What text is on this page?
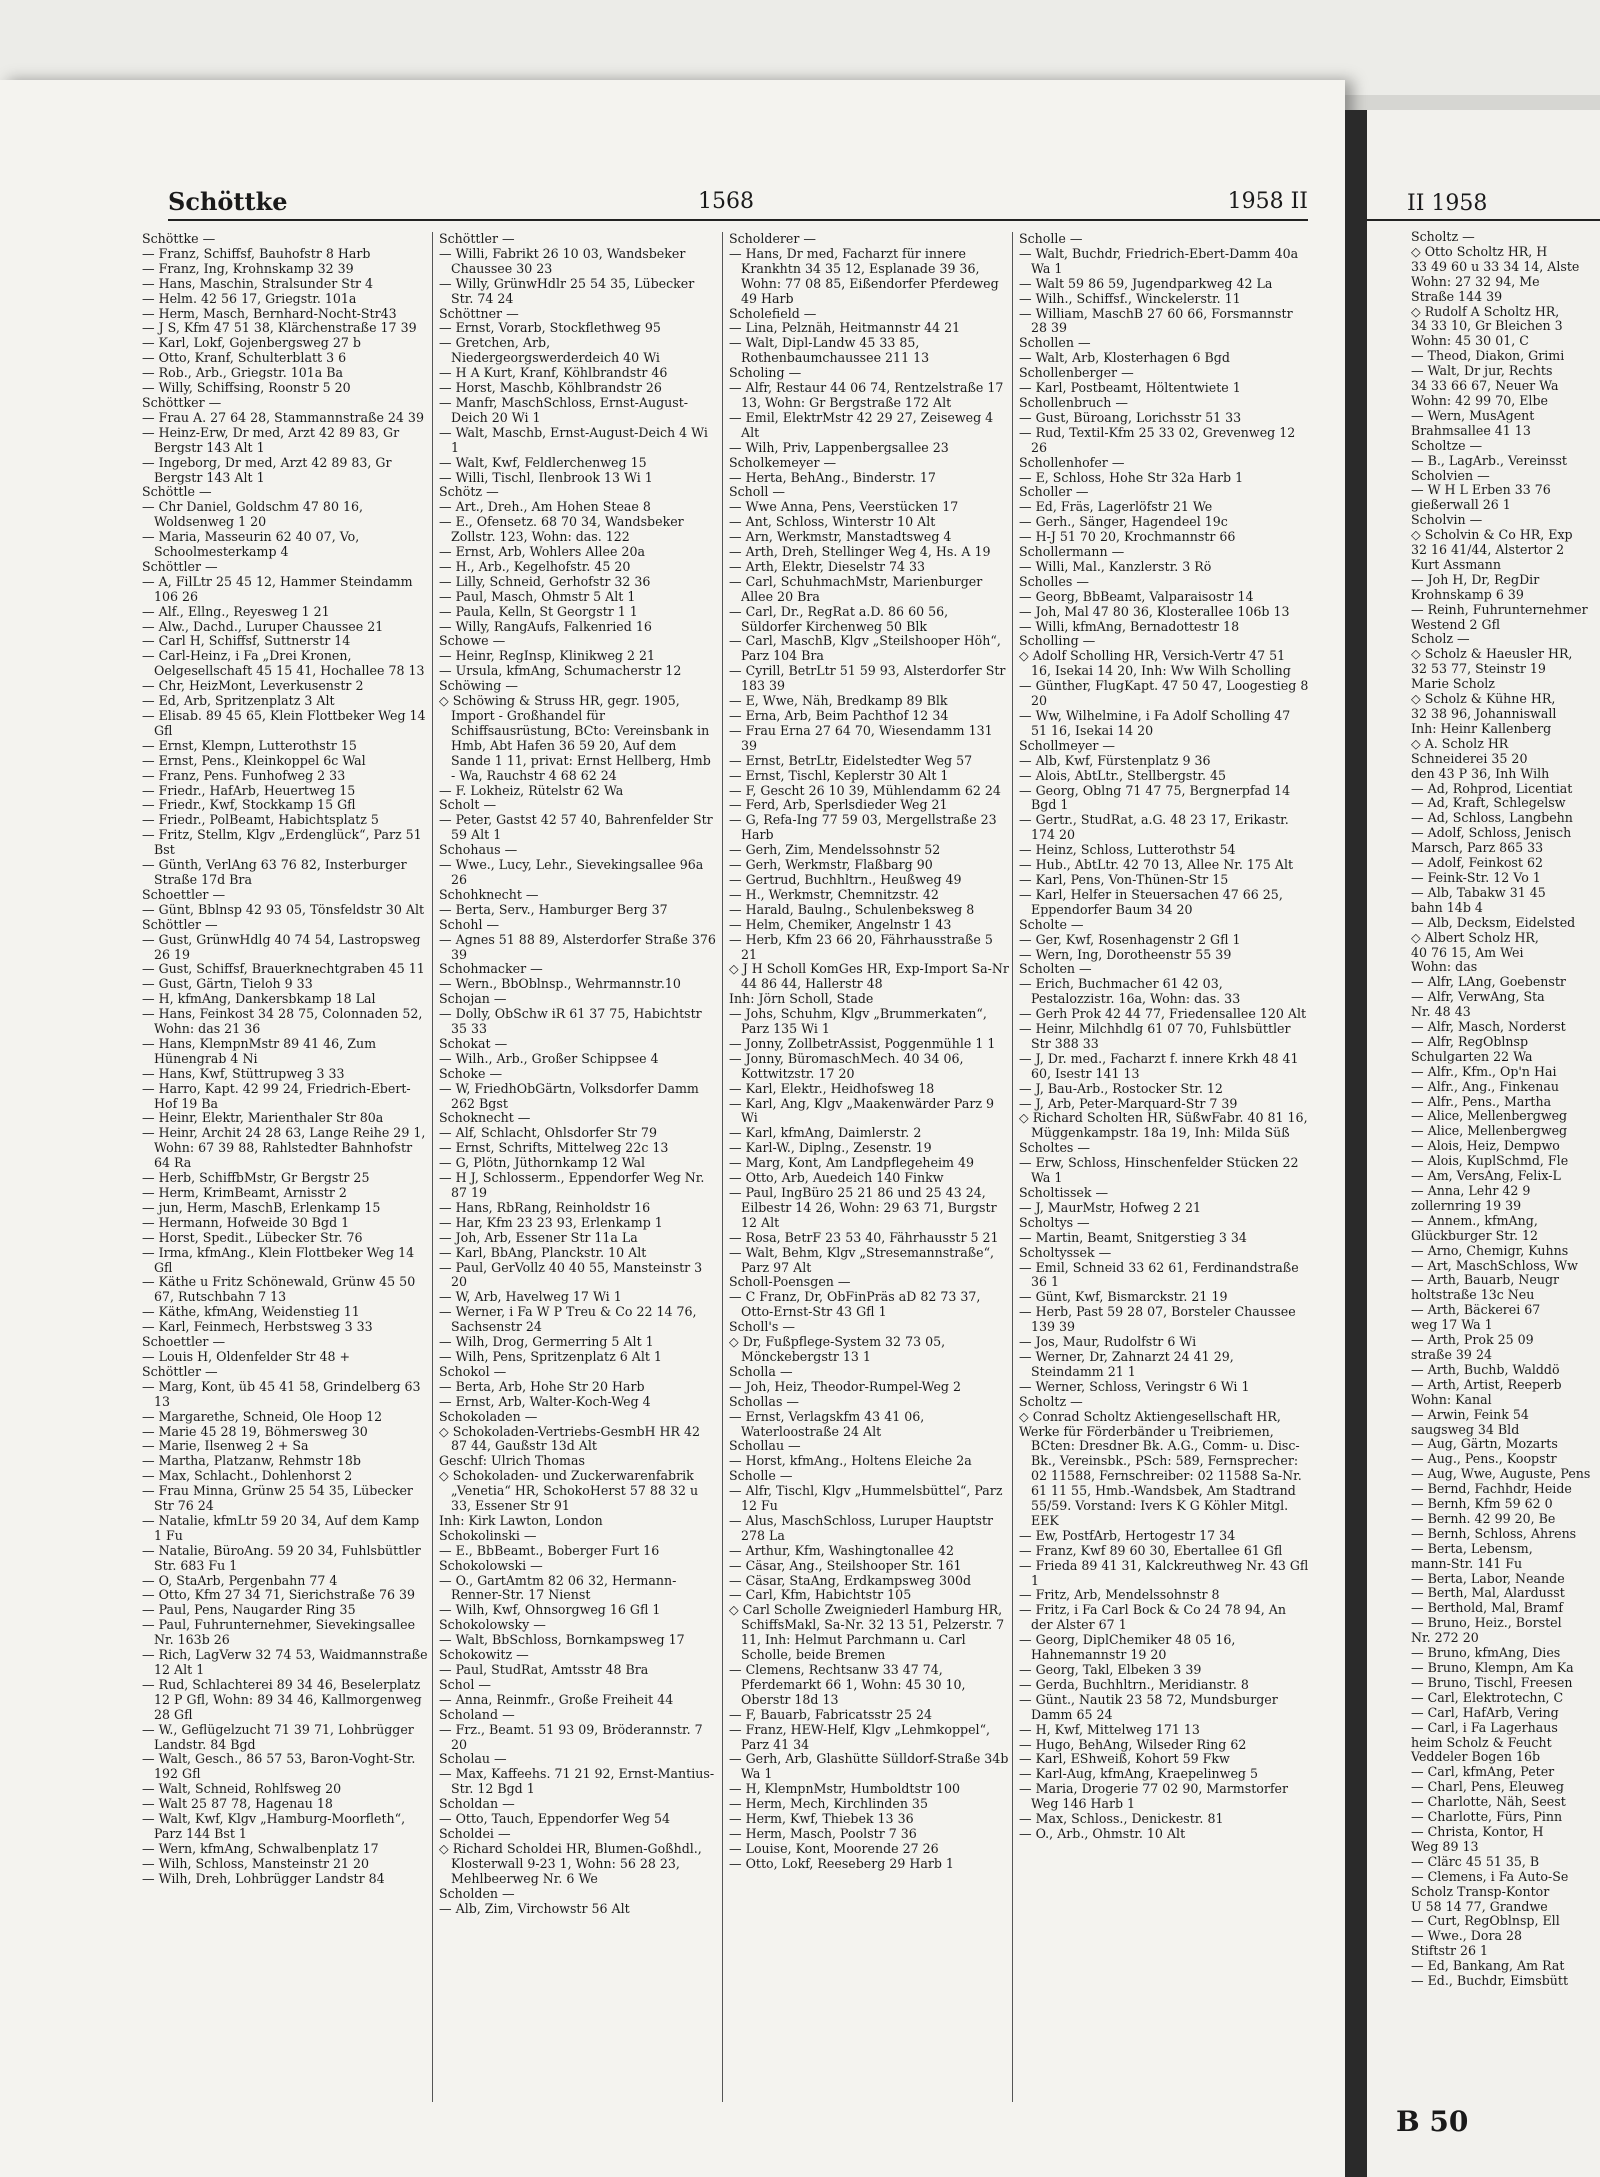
Schöttke	1568	1958 II

Schöttke —

— Franz, Schiffsf, Bauhofstr 8 Harb

— Franz, Ing, Krohnskamp 32 39

— Hans, Maschin, Stralsunder Str 4

— Helm. 42 56 17, Griegstr. 101a

— Herm, Masch, Bernhard-Nocht-Str43

— J S, Kfm 47 51 38, Klärchenstraße 17 39

— Karl, Lokf, Gojenbergsweg 27 b

— Otto, Kranf, Schulterblatt 3 6

— Rob., Arb., Griegstr. 101a Ba

— Willy, Schiffsing, Roonstr 5 20

Schöttker —

— Frau A. 27 64 28, Stammannstraße 24 39

— Heinz-Erw, Dr med, Arzt 42 89 83, Gr Bergstr 143 Alt 1

— Ingeborg, Dr med, Arzt 42 89 83, Gr Bergstr 143 Alt 1

Schöttle —

— Chr Daniel, Goldschm 47 80 16, Woldsenweg 1 20

— Maria, Masseurin 62 40 07, Vo, Schoolmesterkamp 4

Schöttler —

— A, FilLtr 25 45 12, Hammer Steindamm 106 26

— Alf., Ellng., Reyesweg 1 21

— Alw., Dachd., Luruper Chaussee 21

— Carl H, Schiffsf, Suttnerstr 14

— Carl-Heinz, i Fa „Drei Kronen, Oelgesellschaft 45 15 41, Hochallee 78 13

— Chr, HeizMont, Leverkusenstr 2

— Ed, Arb, Spritzenplatz 3 Alt

— Elisab. 89 45 65, Klein Flottbeker Weg 14 Gfl

— Ernst, Klempn, Lutterothstr 15

— Ernst, Pens., Kleinkoppel 6c Wal

— Franz, Pens. Funhofweg 2 33

— Friedr., HafArb, Heuertweg 15

— Friedr., Kwf, Stockkamp 15 Gfl

— Friedr., PolBeamt, Habichtsplatz 5

— Fritz, Stellm, Klgv „Erdenglück“, Parz 51 Bst

— Günth, VerlAng 63 76 82, Insterburger Straße 17d Bra

Schoettler —

— Günt, Bblnsp 42 93 05, Tönsfeldstr 30 Alt

Schöttler —

— Gust, GrünwHdlg 40 74 54, Lastropsweg 26 19

— Gust, Schiffsf, Brauerknechtgraben 45 11

— Gust, Gärtn, Tieloh 9 33

— H, kfmAng, Dankersbkamp 18 Lal

— Hans, Feinkost 34 28 75, Colonnaden 52, Wohn: das 21 36

— Hans, KlempnMstr 89 41 46, Zum Hünengrab 4 Ni

— Hans, Kwf, Stüttrupweg 3 33

— Harro, Kapt. 42 99 24, Friedrich-Ebert-Hof 19 Ba

— Heinr, Elektr, Marienthaler Str 80a

— Heinr, Archit 24 28 63, Lange Reihe 29 1, Wohn: 67 39 88, Rahlstedter Bahnhofstr 64 Ra

— Herb, SchiffbMstr, Gr Bergstr 25

— Herm, KrimBeamt, Arnisstr 2

— jun, Herm, MaschB, Erlenkamp 15

— Hermann, Hofweide 30 Bgd 1

— Horst, Spedit., Lübecker Str. 76

— Irma, kfmAng., Klein Flottbeker Weg 14 Gfl

— Käthe u Fritz Schönewald, Grünw 45 50 67, Rutschbahn 7 13

— Käthe, kfmAng, Weidenstieg 11

— Karl, Feinmech, Herbstsweg 3 33

Schoettler —

— Louis H, Oldenfelder Str 48 +

Schöttler —

— Marg, Kont, üb 45 41 58, Grindelberg 63 13

— Margarethe, Schneid, Ole Hoop 12

— Marie 45 28 19, Böhmersweg 30

— Marie, Ilsenweg 2 + Sa

— Martha, Platzanw, Rehmstr 18b

— Max, Schlacht., Dohlenhorst 2

— Frau Minna, Grünw 25 54 35, Lübecker Str 76 24

— Natalie, kfmLtr 59 20 34, Auf dem Kamp 1 Fu

— Natalie, BüroAng. 59 20 34, Fuhlsbüttler Str. 683 Fu 1

— O, StaArb, Pergenbahn 77 4

— Otto, Kfm 27 34 71, Sierichstraße 76 39

— Paul, Pens, Naugarder Ring 35

— Paul, Fuhrunternehmer, Sievekingsallee Nr. 163b 26

— Rich, LagVerw 32 74 53, Waidmannstraße 12 Alt 1

— Rud, Schlachterei 89 34 46, Beselerplatz 12 P Gfl, Wohn: 89 34 46, Kallmorgenweg 28 Gfl

— W., Geflügelzucht 71 39 71, Lohbrügger Landstr. 84 Bgd

— Walt, Gesch., 86 57 53, Baron-Voght-Str. 192 Gfl

— Walt, Schneid, Rohlfsweg 20

— Walt 25 87 78, Hagenau 18

— Walt, Kwf, Klgv „Hamburg-Moorfleth“, Parz 144 Bst 1

— Wern, kfmAng, Schwalbenplatz 17

— Wilh, Schloss, Mansteinstr 21 20

— Wilh, Dreh, Lohbrügger Landstr 84

Schöttler —

— Willi, Fabrikt 26 10 03, Wandsbeker Chaussee 30 23

— Willy, GrünwHdlr 25 54 35, Lübecker Str. 74 24

Schöttner —

— Ernst, Vorarb, Stockflethweg 95

— Gretchen, Arb, Niedergeorgswerderdeich 40 Wi

— H A Kurt, Kranf, Köhlbrandstr 46

— Horst, Maschb, Köhlbrandstr 26

— Manfr, MaschSchloss, Ernst-August-Deich 20 Wi 1

— Walt, Maschb, Ernst-August-Deich 4 Wi 1

— Walt, Kwf, Feldlerchenweg 15

— Willi, Tischl, Ilenbrook 13 Wi 1

Schötz —

— Art., Dreh., Am Hohen Steae 8

— E., Ofensetz. 68 70 34, Wandsbeker Zollstr. 123, Wohn: das. 122

— Ernst, Arb, Wohlers Allee 20a

— H., Arb., Kegelhofstr. 45 20

— Lilly, Schneid, Gerhofstr 32 36

— Paul, Masch, Ohmstr 5 Alt 1

— Paula, Kelln, St Georgstr 1 1

— Willy, RangAufs, Falkenried 16

Schowe —

— Heinr, RegInsp, Klinikweg 2 21

— Ursula, kfmAng, Schumacherstr 12

Schöwing —

◇ Schöwing & Struss HR, gegr. 1905, Import - Großhandel für Schiffsausrüstung, BCto: Vereinsbank in Hmb, Abt Hafen 36 59 20, Auf dem Sande 1 11, privat: Ernst Hellberg, Hmb - Wa, Rauchstr 4 68 62 24

— F. Lokheiz, Rütelstr 62 Wa

Scholt —

— Peter, Gastst 42 57 40, Bahrenfelder Str 59 Alt 1

Schohaus —

— Wwe., Lucy, Lehr., Sievekingsallee 96a 26

Schohknecht —

— Berta, Serv., Hamburger Berg 37

Schohl —

— Agnes 51 88 89, Alsterdorfer Straße 376 39

Schohmacker —

— Wern., BbOblnsp., Wehrmannstr.10

Schojan —

— Dolly, ObSchw iR 61 37 75, Habichtstr 35 33

Schokat —

— Wilh., Arb., Großer Schippsee 4

Schoke —

— W, FriedhObGärtn, Volksdorfer Damm 262 Bgst

Schoknecht —

— Alf, Schlacht, Ohlsdorfer Str 79

— Ernst, Schrifts, Mittelweg 22c 13

— G, Plötn, Jüthornkamp 12 Wal

— H J, Schlosserm., Eppendorfer Weg Nr. 87 19

— Hans, RbRang, Reinholdstr 16

— Har, Kfm 23 23 93, Erlenkamp 1

— Joh, Arb, Essener Str 11a La

— Karl, BbAng, Planckstr. 10 Alt

— Paul, GerVollz 40 40 55, Mansteinstr 3 20

— W, Arb, Havelweg 17 Wi 1

— Werner, i Fa W P Treu & Co 22 14 76, Sachsenstr 24

— Wilh, Drog, Germerring 5 Alt 1

— Wilh, Pens, Spritzenplatz 6 Alt 1

Schokol —

— Berta, Arb, Hohe Str 20 Harb

— Ernst, Arb, Walter-Koch-Weg 4

Schokoladen —

◇ Schokoladen-Vertriebs-GesmbH HR 42 87 44, Gaußstr 13d Alt

Geschf: Ulrich Thomas

◇ Schokoladen- und Zuckerwarenfabrik „Venetia“ HR, SchokoHerst 57 88 32 u 33, Essener Str 91

Inh: Kirk Lawton, London

Schokolinski —

— E., BbBeamt., Boberger Furt 16

Schokolowski —

— O., GartAmtm 82 06 32, Hermann-Renner-Str. 17 Nienst

— Wilh, Kwf, Ohnsorgweg 16 Gfl 1

Schokolowsky —

— Walt, BbSchloss, Bornkampsweg 17

Schokowitz —

— Paul, StudRat, Amtsstr 48 Bra

Schol —

— Anna, Reinmfr., Große Freiheit 44

Scholand —

— Frz., Beamt. 51 93 09, Bröderannstr. 7 20

Scholau —

— Max, Kaffeehs. 71 21 92, Ernst-Mantius-Str. 12 Bgd 1

Scholdan —

— Otto, Tauch, Eppendorfer Weg 54

Scholdei —

◇ Richard Scholdei HR, Blumen-Goßhdl., Klosterwall 9-23 1, Wohn: 56 28 23, Mehlbeerweg Nr. 6 We

Scholden —

— Alb, Zim, Virchowstr 56 Alt

Scholderer —

— Hans, Dr med, Facharzt für innere Krankhtn 34 35 12, Esplanade 39 36, Wohn: 77 08 85, Eißendorfer Pferdeweg 49 Harb

Scholefield —

— Lina, Pelznäh, Heitmannstr 44 21

— Walt, Dipl-Landw 45 33 85, Rothenbaumchaussee 211 13

Scholing —

— Alfr, Restaur 44 06 74, Rentzelstraße 17 13, Wohn: Gr Bergstraße 172 Alt

— Emil, ElektrMstr 42 29 27, Zeiseweg 4 Alt

— Wilh, Priv, Lappenbergsallee 23

Scholkemeyer —

— Herta, BehAng., Binderstr. 17

Scholl —

— Wwe Anna, Pens, Veerstücken 17

— Ant, Schloss, Winterstr 10 Alt

— Arn, Werkmstr, Manstadtsweg 4

— Arth, Dreh, Stellinger Weg 4, Hs. A 19

— Arth, Elektr, Dieselstr 74 33

— Carl, SchuhmachMstr, Marienburger Allee 20 Bra

— Carl, Dr., RegRat a.D. 86 60 56, Süldorfer Kirchenweg 50 Blk

— Carl, MaschB, Klgv „Steilshooper Höh“, Parz 104 Bra

— Cyrill, BetrLtr 51 59 93, Alsterdorfer Str 183 39

— E, Wwe, Näh, Bredkamp 89 Blk

— Erna, Arb, Beim Pachthof 12 34

— Frau Erna 27 64 70, Wiesendamm 131 39

— Ernst, BetrLtr, Eidelstedter Weg 57

— Ernst, Tischl, Keplerstr 30 Alt 1

— F, Gescht 26 10 39, Mühlendamm 62 24

— Ferd, Arb, Sperlsdieder Weg 21

— G, Refa-Ing 77 59 03, Mergellstraße 23 Harb

— Gerh, Zim, Mendelssohnstr 52

— Gerh, Werkmstr, Flaßbarg 90

— Gertrud, Buchhltrn., Heußweg 49

— H., Werkmstr, Chemnitzstr. 42

— Harald, Baulng., Schulenbeksweg 8

— Helm, Chemiker, Angelnstr 1 43

— Herb, Kfm 23 66 20, Fährhausstraße 5 21

◇ J H Scholl KomGes HR, Exp-Import Sa-Nr 44 86 44, Hallerstr 48

Inh: Jörn Scholl, Stade

— Johs, Schuhm, Klgv „Brummerkaten“, Parz 135 Wi 1

— Jonny, ZollbetrAssist, Poggenmühle 1 1

— Jonny, BüromaschMech. 40 34 06, Kottwitzstr. 17 20

— Karl, Elektr., Heidhofsweg 18

— Karl, Ang, Klgv „Maakenwärder Parz 9 Wi

— Karl, kfmAng, Daimlerstr. 2

— Karl-W., Diplng., Zesenstr. 19

— Marg, Kont, Am Landpflegeheim 49

— Otto, Arb, Auedeich 140 Finkw

— Paul, IngBüro 25 21 86 und 25 43 24, Eilbestr 14 26, Wohn: 29 63 71, Burgstr 12 Alt

— Rosa, BetrF 23 53 40, Fährhausstr 5 21

— Walt, Behm, Klgv „Stresemannstraße“, Parz 97 Alt

Scholl-Poensgen —

— C Franz, Dr, ObFinPräs aD 82 73 37, Otto-Ernst-Str 43 Gfl 1

Scholl's —

◇ Dr, Fußpflege-System 32 73 05, Mönckebergstr 13 1

Scholla —

— Joh, Heiz, Theodor-Rumpel-Weg 2

Schollas —

— Ernst, Verlagskfm 43 41 06, Waterloostraße 24 Alt

Schollau —

— Horst, kfmAng., Holtens Eleiche 2a

Scholle —

— Alfr, Tischl, Klgv „Hummelsbüttel“, Parz 12 Fu

— Alus, MaschSchloss, Luruper Hauptstr 278 La

— Arthur, Kfm, Washingtonallee 42

— Cäsar, Ang., Steilshooper Str. 161

— Cäsar, StaAng, Erdkampsweg 300d

— Carl, Kfm, Habichtstr 105

◇ Carl Scholle Zweigniederl Hamburg HR, SchiffsMakl, Sa-Nr. 32 13 51, Pelzerstr. 7 11, Inh: Helmut Parchmann u. Carl Scholle, beide Bremen

— Clemens, Rechtsanw 33 47 74, Pferdemarkt 66 1, Wohn: 45 30 10, Oberstr 18d 13

— F, Bauarb, Fabricatsstr 25 24

— Franz, HEW-Helf, Klgv „Lehmkoppel“, Parz 41 34

— Gerh, Arb, Glashütte Sülldorf-Straße 34b Wa 1

— H, KlempnMstr, Humboldtstr 100

— Herm, Mech, Kirchlinden 35

— Herm, Kwf, Thiebek 13 36

— Herm, Masch, Poolstr 7 36

— Louise, Kont, Moorende 27 26

— Otto, Lokf, Reeseberg 29 Harb 1

Scholle —

— Walt, Buchdr, Friedrich-Ebert-Damm 40a Wa 1

— Walt 59 86 59, Jugendparkweg 42 La

— Wilh., Schiffsf., Winckelerstr. 11

— William, MaschB 27 60 66, Forsmannstr 28 39

Schollen —

— Walt, Arb, Klosterhagen 6 Bgd

Schollenberger —

— Karl, Postbeamt, Höltentwiete 1

Schollenbruch —

— Gust, Büroang, Lorichsstr 51 33

— Rud, Textil-Kfm 25 33 02, Grevenweg 12 26

Schollenhofer —

— E, Schloss, Hohe Str 32a Harb 1

Scholler —

— Ed, Fräs, Lagerlöfstr 21 We

— Gerh., Sänger, Hagendeel 19c

— H-J 51 70 20, Krochmannstr 66

Schollermann —

— Willi, Mal., Kanzlerstr. 3 Rö

Scholles —

— Georg, BbBeamt, Valparaisostr 14

— Joh, Mal 47 80 36, Klosterallee 106b 13

— Willi, kfmAng, Bernadottestr 18

Scholling —

◇ Adolf Scholling HR, Versich-Vertr 47 51 16, Isekai 14 20, Inh: Ww Wilh Scholling

— Günther, FlugKapt. 47 50 47, Loogestieg 8 20

— Ww, Wilhelmine, i Fa Adolf Scholling 47 51 16, Isekai 14 20

Schollmeyer —

— Alb, Kwf, Fürstenplatz 9 36

— Alois, AbtLtr., Stellbergstr. 45

— Georg, Oblng 71 47 75, Bergnerpfad 14 Bgd 1

— Gertr., StudRat, a.G. 48 23 17, Erikastr. 174 20

— Heinz, Schloss, Lutterothstr 54

— Hub., AbtLtr. 42 70 13, Allee Nr. 175 Alt

— Karl, Pens, Von-Thünen-Str 15

— Karl, Helfer in Steuersachen 47 66 25, Eppendorfer Baum 34 20

Scholte —

— Ger, Kwf, Rosenhagenstr 2 Gfl 1

— Wern, Ing, Dorotheenstr 55 39

Scholten —

— Erich, Buchmacher 61 42 03, Pestalozzistr. 16a, Wohn: das. 33

— Gerh Prok 42 44 77, Friedensallee 120 Alt

— Heinr, Milchhdlg 61 07 70, Fuhlsbüttler Str 388 33

— J, Dr. med., Facharzt f. innere Krkh 48 41 60, Isestr 141 13

— J, Bau-Arb., Rostocker Str. 12

— J, Arb, Peter-Marquard-Str 7 39

◇ Richard Scholten HR, SüßwFabr. 40 81 16, Müggenkampstr. 18a 19, Inh: Milda Süß

Scholtes —

— Erw, Schloss, Hinschenfelder Stücken 22 Wa 1

Scholtissek —

— J, MaurMstr, Hofweg 2 21

Scholtys —

— Martin, Beamt, Snitgerstieg 3 34

Scholtyssek —

— Emil, Schneid 33 62 61, Ferdinandstraße 36 1

— Günt, Kwf, Bismarckstr. 21 19

— Herb, Past 59 28 07, Borsteler Chaussee 139 39

— Jos, Maur, Rudolfstr 6 Wi

— Werner, Dr, Zahnarzt 24 41 29, Steindamm 21 1

— Werner, Schloss, Veringstr 6 Wi 1

Scholtz —

◇ Conrad Scholtz Aktiengesellschaft HR,

Werke für Förderbänder u Treibriemen, BCten: Dresdner Bk. A.G., Comm- u. Disc-Bk., Vereinsbk., PSch: 589, Fernsprecher: 02 11588, Fernschreiber: 02 11588 Sa-Nr. 61 11 55, Hmb.-Wandsbek, Am Stadtrand 55/59. Vorstand: Ivers K G Köhler Mitgl. EEK

— Ew, PostfArb, Hertogestr 17 34

— Franz, Kwf 89 60 30, Ebertallee 61 Gfl

— Frieda 89 41 31, Kalckreuthweg Nr. 43 Gfl 1

— Fritz, Arb, Mendelssohnstr 8

— Fritz, i Fa Carl Bock & Co 24 78 94, An der Alster 67 1

— Georg, DiplChemiker 48 05 16, Hahnemannstr 19 20

— Georg, Takl, Elbeken 3 39

— Gerda, Buchhltrn., Meridianstr. 8

— Günt., Nautik 23 58 72, Mundsburger Damm 65 24

— H, Kwf, Mittelweg 171 13

— Hugo, BehAng, Wilseder Ring 62

— Karl, EShweiß, Kohort 59 Fkw

— Karl-Aug, kfmAng, Kraepelinweg 5

— Maria, Drogerie 77 02 90, Marmstorfer Weg 146 Harb 1

— Max, Schloss., Denickestr. 81

— O., Arb., Ohmstr. 10 Alt

II 1958
Scholtz —
◇ Otto Scholtz HR, H
33 49 60 u 33 34 14, Alste
Wohn: 27 32 94, Me
Straße 144 39
◇ Rudolf A Scholtz HR,
34 33 10, Gr Bleichen 3
Wohn: 45 30 01, C
— Theod, Diakon, Grimi
— Walt, Dr jur, Rechts
34 33 66 67, Neuer Wa
Wohn: 42 99 70, Elbe
— Wern, MusAgent
Brahmsallee 41 13
Scholtze —
— B., LagArb., Vereinsst
Scholvien —
— W H L Erben 33 76
gießerwall 26 1
Scholvin —
◇ Scholvin & Co HR, Exp
32 16 41/44, Alstertor 2
Kurt Assmann
— Joh H, Dr, RegDir
Krohnskamp 6 39
— Reinh, Fuhrunternehmer
Westend 2 Gfl
Scholz —
◇ Scholz & Haeusler HR,
32 53 77, Steinstr 19
Marie Scholz
◇ Scholz & Kühne HR,
32 38 96, Johanniswall
Inh: Heinr Kallenberg
◇ A. Scholz HR
Schneiderei 35 20
den 43 P 36, Inh Wilh
— Ad, Rohprod, Licentiat
— Ad, Kraft, Schlegelsw
— Ad, Schloss, Langbehn
— Adolf, Schloss, Jenisch
Marsch, Parz 865 33
— Adolf, Feinkost 62
— Feink-Str. 12 Vo 1
— Alb, Tabakw 31 45
bahn 14b 4
— Alb, Decksm, Eidelsted
◇ Albert Scholz HR,
40 76 15, Am Wei
Wohn: das
— Alfr, LAng, Goebenstr
— Alfr, VerwAng, Sta
Nr. 48 43
— Alfr, Masch, Norderst
— Alfr, RegOblnsp
Schulgarten 22 Wa
— Alfr., Kfm., Op'n Hai
— Alfr., Ang., Finkenau
— Alfr., Pens., Martha
— Alice, Mellenbergweg
— Alice, Mellenbergweg
— Alois, Heiz, Dempwo
— Alois, KuplSchmd, Fle
— Am, VersAng, Felix-L
— Anna, Lehr 42 9
zollernring 19 39
— Annem., kfmAng,
Glückburger Str. 12
— Arno, Chemigr, Kuhns
— Art, MaschSchloss, Ww
— Arth, Bauarb, Neugr
holtstraße 13c Neu
— Arth, Bäckerei 67
weg 17 Wa 1
— Arth, Prok 25 09
straße 39 24
— Arth, Buchb, Walddö
— Arth, Artist, Reeperb
Wohn: Kanal
— Arwin, Feink 54
saugsweg 34 Bld
— Aug, Gärtn, Mozarts
— Aug., Pens., Koopstr
— Aug, Wwe, Auguste, Pens
— Bernd, Fachhdr, Heide
— Bernh, Kfm 59 62 0
— Bernh. 42 99 20, Be
— Bernh, Schloss, Ahrens
— Berta, Lebensm,
mann-Str. 141 Fu
— Berta, Labor, Neande
— Berth, Mal, Alardusst
— Berthold, Mal, Bramf
— Bruno, Heiz., Borstel
Nr. 272 20
— Bruno, kfmAng, Dies
— Bruno, Klempn, Am Ka
— Bruno, Tischl, Freesen
— Carl, Elektrotechn, C
— Carl, HafArb, Vering
— Carl, i Fa Lagerhaus
heim Scholz & Feucht
Veddeler Bogen 16b
— Carl, kfmAng, Peter
— Charl, Pens, Eleuweg
— Charlotte, Näh, Seest
— Charlotte, Fürs, Pinn
— Christa, Kontor, H
Weg 89 13
— Clärc 45 51 35, B
— Clemens, i Fa Auto-Se
Scholz Transp-Kontor
U 58 14 77, Grandwe
— Curt, RegOblnsp, Ell
— Wwe., Dora 28
Stiftstr 26 1
— Ed, Bankang, Am Rat
— Ed., Buchdr, Eimsbütt
B 50
